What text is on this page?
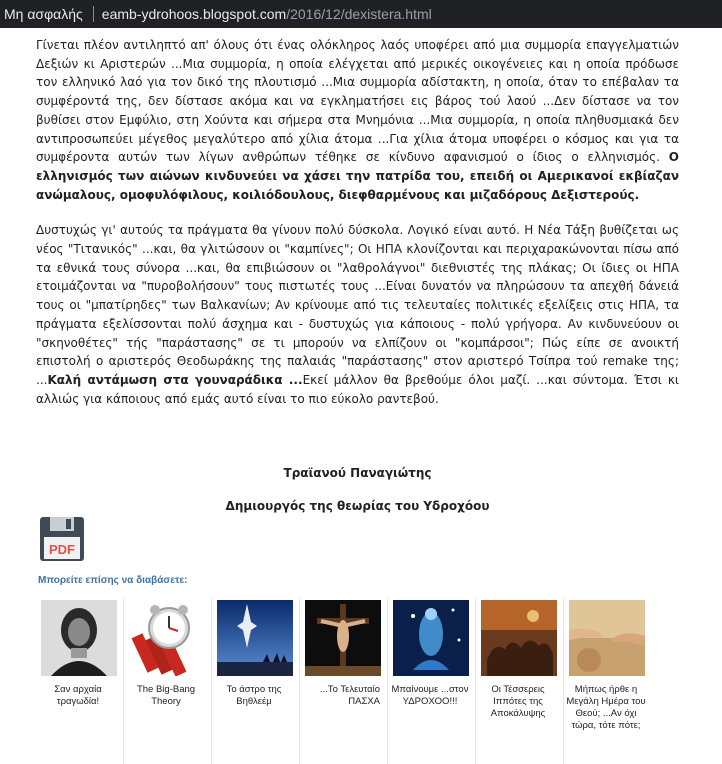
Μη ασφαλής eamb-ydrohoos.blogspot.com /2016/12/dexistera.html

Γίνεται πλέον αντιληπτό απ' όλους ότι ένας ολόκληρος λαός υποφέρει από μια συμμορία επαγγελματιών Δεξιών κι Αριστερών ...Μια συμμορία, η οποία ελέγχεται από μερικές οικογένειες και η οποία πρόδωσε τον ελληνικό λαό για τον δικό της πλουτισμό ...Μια συμμορία αδίστακτη, η οποία, όταν το επέβαλαν τα συμφέροντά της, δεν δίστασε ακόμα και να εγκληματήσει εις βάρος τού λαού ...Δεν δίστασε να τον βυθίσει στον Εμφύλιο, στη Χούντα και σήμερα στα Μνημόνια ...Μια συμμορία, η οποία πληθυσμιακά δεν αντιπροσωπεύει μέγεθος μεγαλύτερο από χίλια άτομα ...Για χίλια άτομα υποφέρει ο κόσμος και για τα συμφέροντα αυτών των λίγων ανθρώπων τέθηκε σε κίνδυνο αφανισμού ο ίδιος ο ελληνισμός. Ο ελληνισμός των αιώνων κινδυνεύει να χάσει την πατρίδα του, επειδή οι Αμερικανοί εκβίαζαν ανώμαλους, ομοφυλόφιλους, κοιλιόδουλους, διεφθαρμένους και μιζαδόρους Δεξιστερούς.

Δυστυχώς γι' αυτούς τα πράγματα θα γίνουν πολύ δύσκολα. Λογικό είναι αυτό. Η Νέα Τάξη βυθίζεται ως νέος "Τιτανικός" ...και, θα γλιτώσουν οι "καμπίνες"; Οι ΗΠΑ κλονίζονται και περιχαρακώνονται πίσω από τα εθνικά τους σύνορα ...και, θα επιβιώσουν οι "λαθρολάγνοι" διεθνιστές της πλάκας; Οι ίδιες οι ΗΠΑ ετοιμάζονται να "πυροβολήσουν" τους πιστωτές τους ...Είναι δυνατόν να πληρώσουν τα απεχθή δάνειά τους οι "μπατίρηδες" των Βαλκανίων; Αν κρίνουμε από τις τελευταίες πολιτικές εξελίξεις στις ΗΠΑ, τα πράγματα εξελίσσονται πολύ άσχημα και - δυστυχώς για κάποιους - πολύ γρήγορα. Αν κινδυνεύουν οι "σκηνοθέτες" τής "παράστασης" σε τι μπορούν να ελπίζουν οι "κομπάρσοι"; Πώς είπε σε ανοικτή επιστολή ο αριστερός Θεοδωράκης της παλαιάς "παράστασης" στον αριστερό Τσίπρα τού remake της; ...Καλή αντάμωση στα γουναράδικα ...Εκεί μάλλον θα βρεθούμε όλοι μαζί. ...και σύντομα. Έτσι κι αλλιώς για κάποιους από εμάς αυτό είναι το πιο εύκολο ραντεβού.

Τραϊανού Παναγιώτης
Δημιουργός της θεωρίας του Υδροχόου
PDF
Μπορείτε επίσης να διαβάσετε:
Σαν αρχαία τραγωδία!
The Big-Bang Theory
Το άστρο της Βηθλεέμ
...Το Τελευταίο ΠΑΣΧΑ
Μπαίνουμε ...στον ΥΔΡΟΧΟΟ!!!
Οι Τέσσερεις Ιππότες της Αποκάλυψης
Μήπως ήρθε η Μεγάλη Ημέρα του Θεού; ...Αν όχι τώρα, τότε πότε;
